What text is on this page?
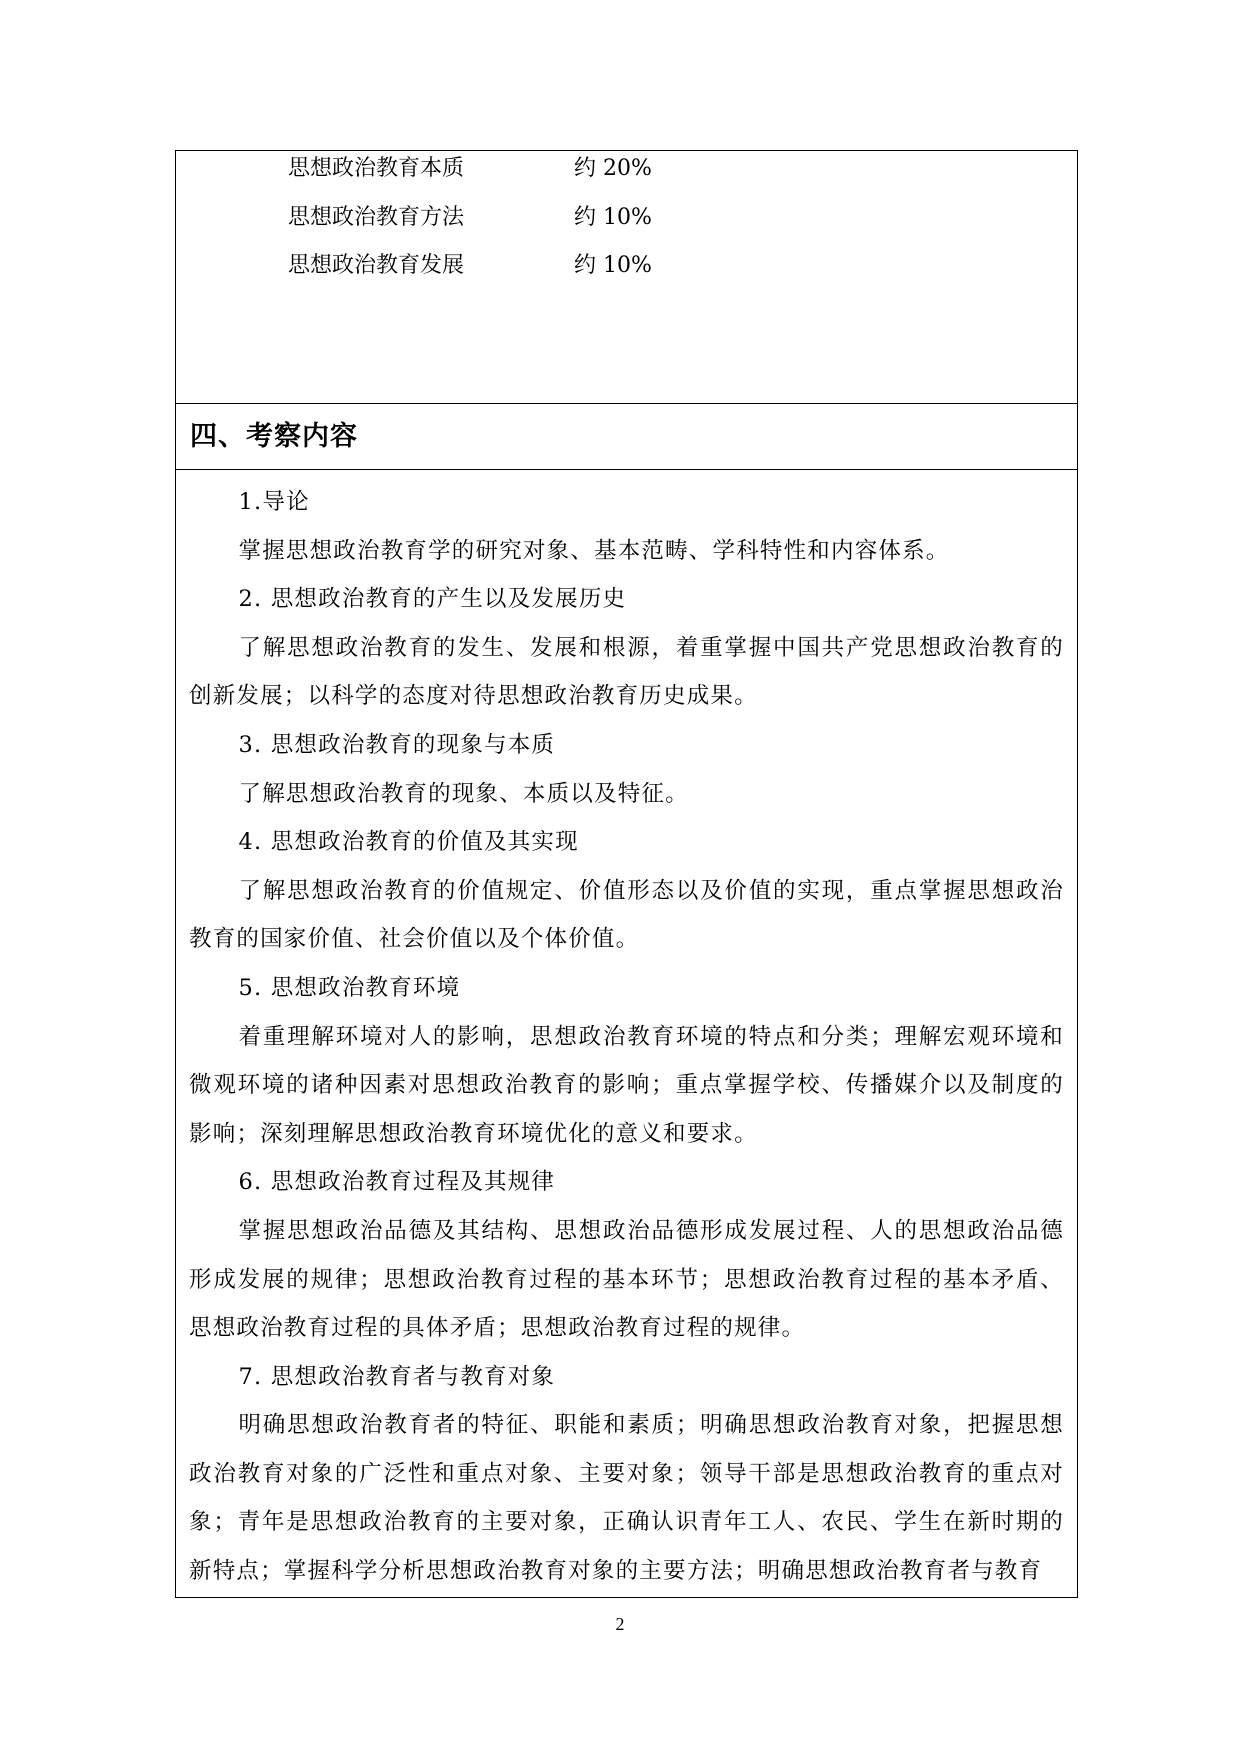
思想政治教育本质	约 20%
思想政治教育方法	约 10%
思想政治教育发展	约 10%
四、考察内容

1.导论

掌握思想政治教育学的研究对象、基本范畴、学科特性和内容体系。

2. 思想政治教育的产生以及发展历史

了解思想政治教育的发生、发展和根源，着重掌握中国共产党思想政治教育的创新发展；以科学的态度对待思想政治教育历史成果。

3. 思想政治教育的现象与本质

了解思想政治教育的现象、本质以及特征。

4. 思想政治教育的价值及其实现

了解思想政治教育的价值规定、价值形态以及价值的实现，重点掌握思想政治教育的国家价值、社会价值以及个体价值。

5. 思想政治教育环境

着重理解环境对人的影响，思想政治教育环境的特点和分类；理解宏观环境和微观环境的诸种因素对思想政治教育的影响；重点掌握学校、传播媒介以及制度的影响；深刻理解思想政治教育环境优化的意义和要求。

6. 思想政治教育过程及其规律

掌握思想政治品德及其结构、思想政治品德形成发展过程、人的思想政治品德形成发展的规律；思想政治教育过程的基本环节；思想政治教育过程的基本矛盾、思想政治教育过程的具体矛盾；思想政治教育过程的规律。

7. 思想政治教育者与教育对象

明确思想政治教育者的特征、职能和素质；明确思想政治教育对象，把握思想政治教育对象的广泛性和重点对象、主要对象；领导干部是思想政治教育的重点对象；青年是思想政治教育的主要对象，正确认识青年工人、农民、学生在新时期的新特点；掌握科学分析思想政治教育对象的主要方法；明确思想政治教育者与教育

2
